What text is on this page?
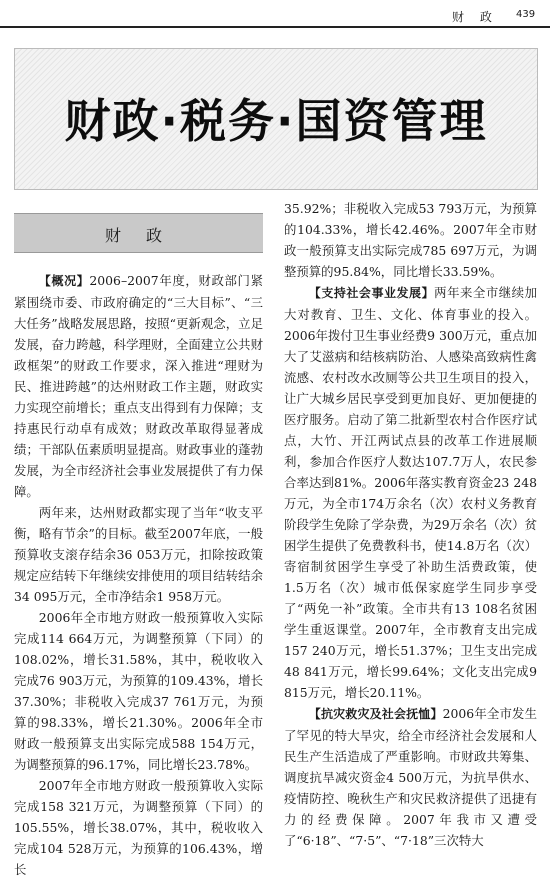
财 政 439
财政·税务·国资管理
财 政

【概况】2006–2007年度，财政部门紧紧围绕市委、市政府确定的“三大目标”、“三大任务”战略发展思路，按照“更新观念，立足发展，奋力跨越，科学理财，全面建立公共财政框架”的财政工作要求，深入推进“理财为民、推进跨越”的达州财政工作主题，财政实力实现空前增长；重点支出得到有力保障；支持惠民行动卓有成效；财政改革取得显著成绩；干部队伍素质明显提高。财政事业的蓬勃发展，为全市经济社会事业发展提供了有力保障。

两年来，达州财政都实现了当年“收支平衡，略有节余”的目标。截至2007年底，一般预算收支滚存结余36 053万元，扣除按政策规定应结转下年继续安排使用的项目结转结余34 095万元，全市净结余1 958万元。

2006年全市地方财政一般预算收入实际完成114 664万元，为调整预算（下同）的108.02%，增长31.58%，其中，税收收入完成76 903万元，为预算的109.43%，增长37.30%；非税收入完成37 761万元，为预算的98.33%，增长21.30%。2006年全市财政一般预算支出实际完成588 154万元，为调整预算的96.17%，同比增长23.78%。

2007年全市地方财政一般预算收入实际完成158 321万元，为调整预算（下同）的105.55%，增长38.07%，其中，税收收入完成104 528万元，为预算的106.43%，增长

35.92%；非税收入完成53 793万元，为预算的104.33%，增长42.46%。2007年全市财政一般预算支出实际完成785 697万元，为调整预算的95.84%，同比增长33.59%。

【支持社会事业发展】两年来全市继续加大对教育、卫生、文化、体育事业的投入。2006年拨付卫生事业经费9 300万元，重点加大了艾滋病和结核病防治、人感染高致病性禽流感、农村改水改厕等公共卫生项目的投入，让广大城乡居民享受到更加良好、更加便捷的医疗服务。启动了第二批新型农村合作医疗试点，大竹、开江两试点县的改革工作进展顺利，参加合作医疗人数达107.7万人，农民参合率达到81%。2006年落实教育资金23 248万元，为全市174万余名（次）农村义务教育阶段学生免除了学杂费，为29万余名（次）贫困学生提供了免费教科书，使14.8万名（次）寄宿制贫困学生享受了补助生活费政策，使1.5万名（次）城市低保家庭学生同步享受了“两免一补”政策。全市共有13 108名贫困学生重返课堂。2007年，全市教育支出完成157 240万元，增长51.37%；卫生支出完成48 841万元，增长99.64%；文化支出完成9 815万元，增长20.11%。

【抗灾救灾及社会抚恤】2006年全市发生了罕见的特大旱灾，给全市经济社会发展和人民生产生活造成了严重影响。市财政共筹集、调度抗旱减灾资金4 500万元，为抗旱供水、疫情防控、晚秋生产和灾民救济提供了迅捷有力的经费保障。2007年我市又遭受了“6·18”、“7·5”、“7·18”三次特大
